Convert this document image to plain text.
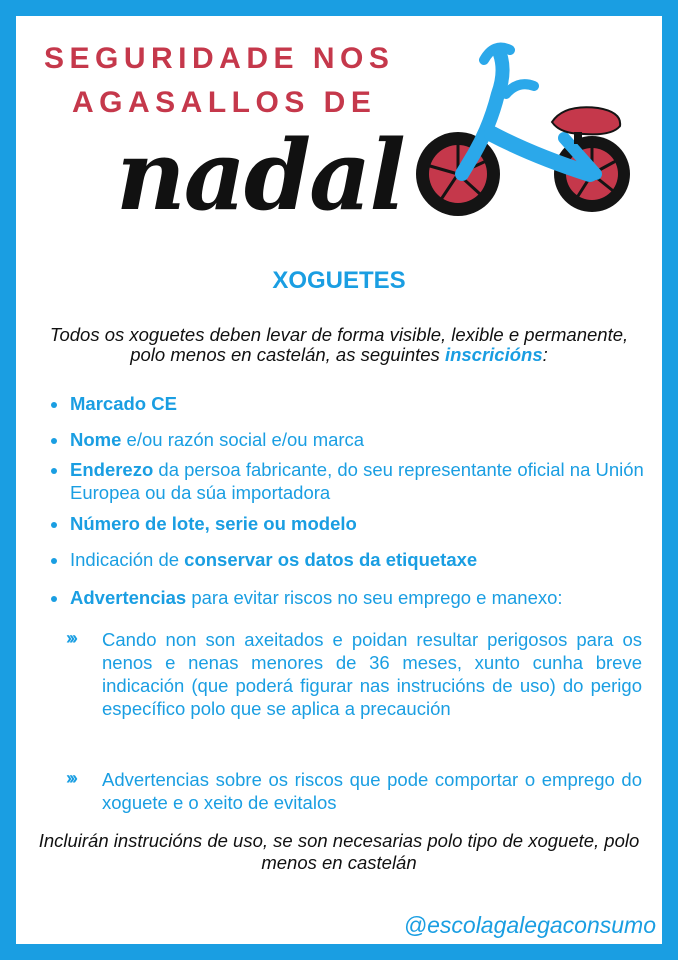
SEGURIDADE NOS
AGASALLOS DE
nadal
XOGUETES
Todos os xoguetes deben levar de forma visible, lexible e permanente, polo menos en castelán, as seguintes inscricións:
Marcado CE
Nome e/ou razón social e/ou marca
Enderezo da persoa fabricante, do seu representante oficial na Unión Europea ou da súa importadora
Número de lote, serie ou modelo
Indicación de conservar os datos da etiquetaxe
Advertencias para evitar riscos no seu emprego e manexo:
›››	Cando non son axeitados e poidan resultar perigosos para os nenos e nenas menores de 36 meses, xunto cunha breve indicación (que poderá figurar nas instrucións de uso) do perigo específico polo que se aplica a precaución
›››	Advertencias sobre os riscos que pode comportar o emprego do xoguete e o xeito de evitalos
Incluirán instrucións de uso, se son necesarias polo tipo de xoguete, polo menos en castelán
@escolagalegaconsumo
